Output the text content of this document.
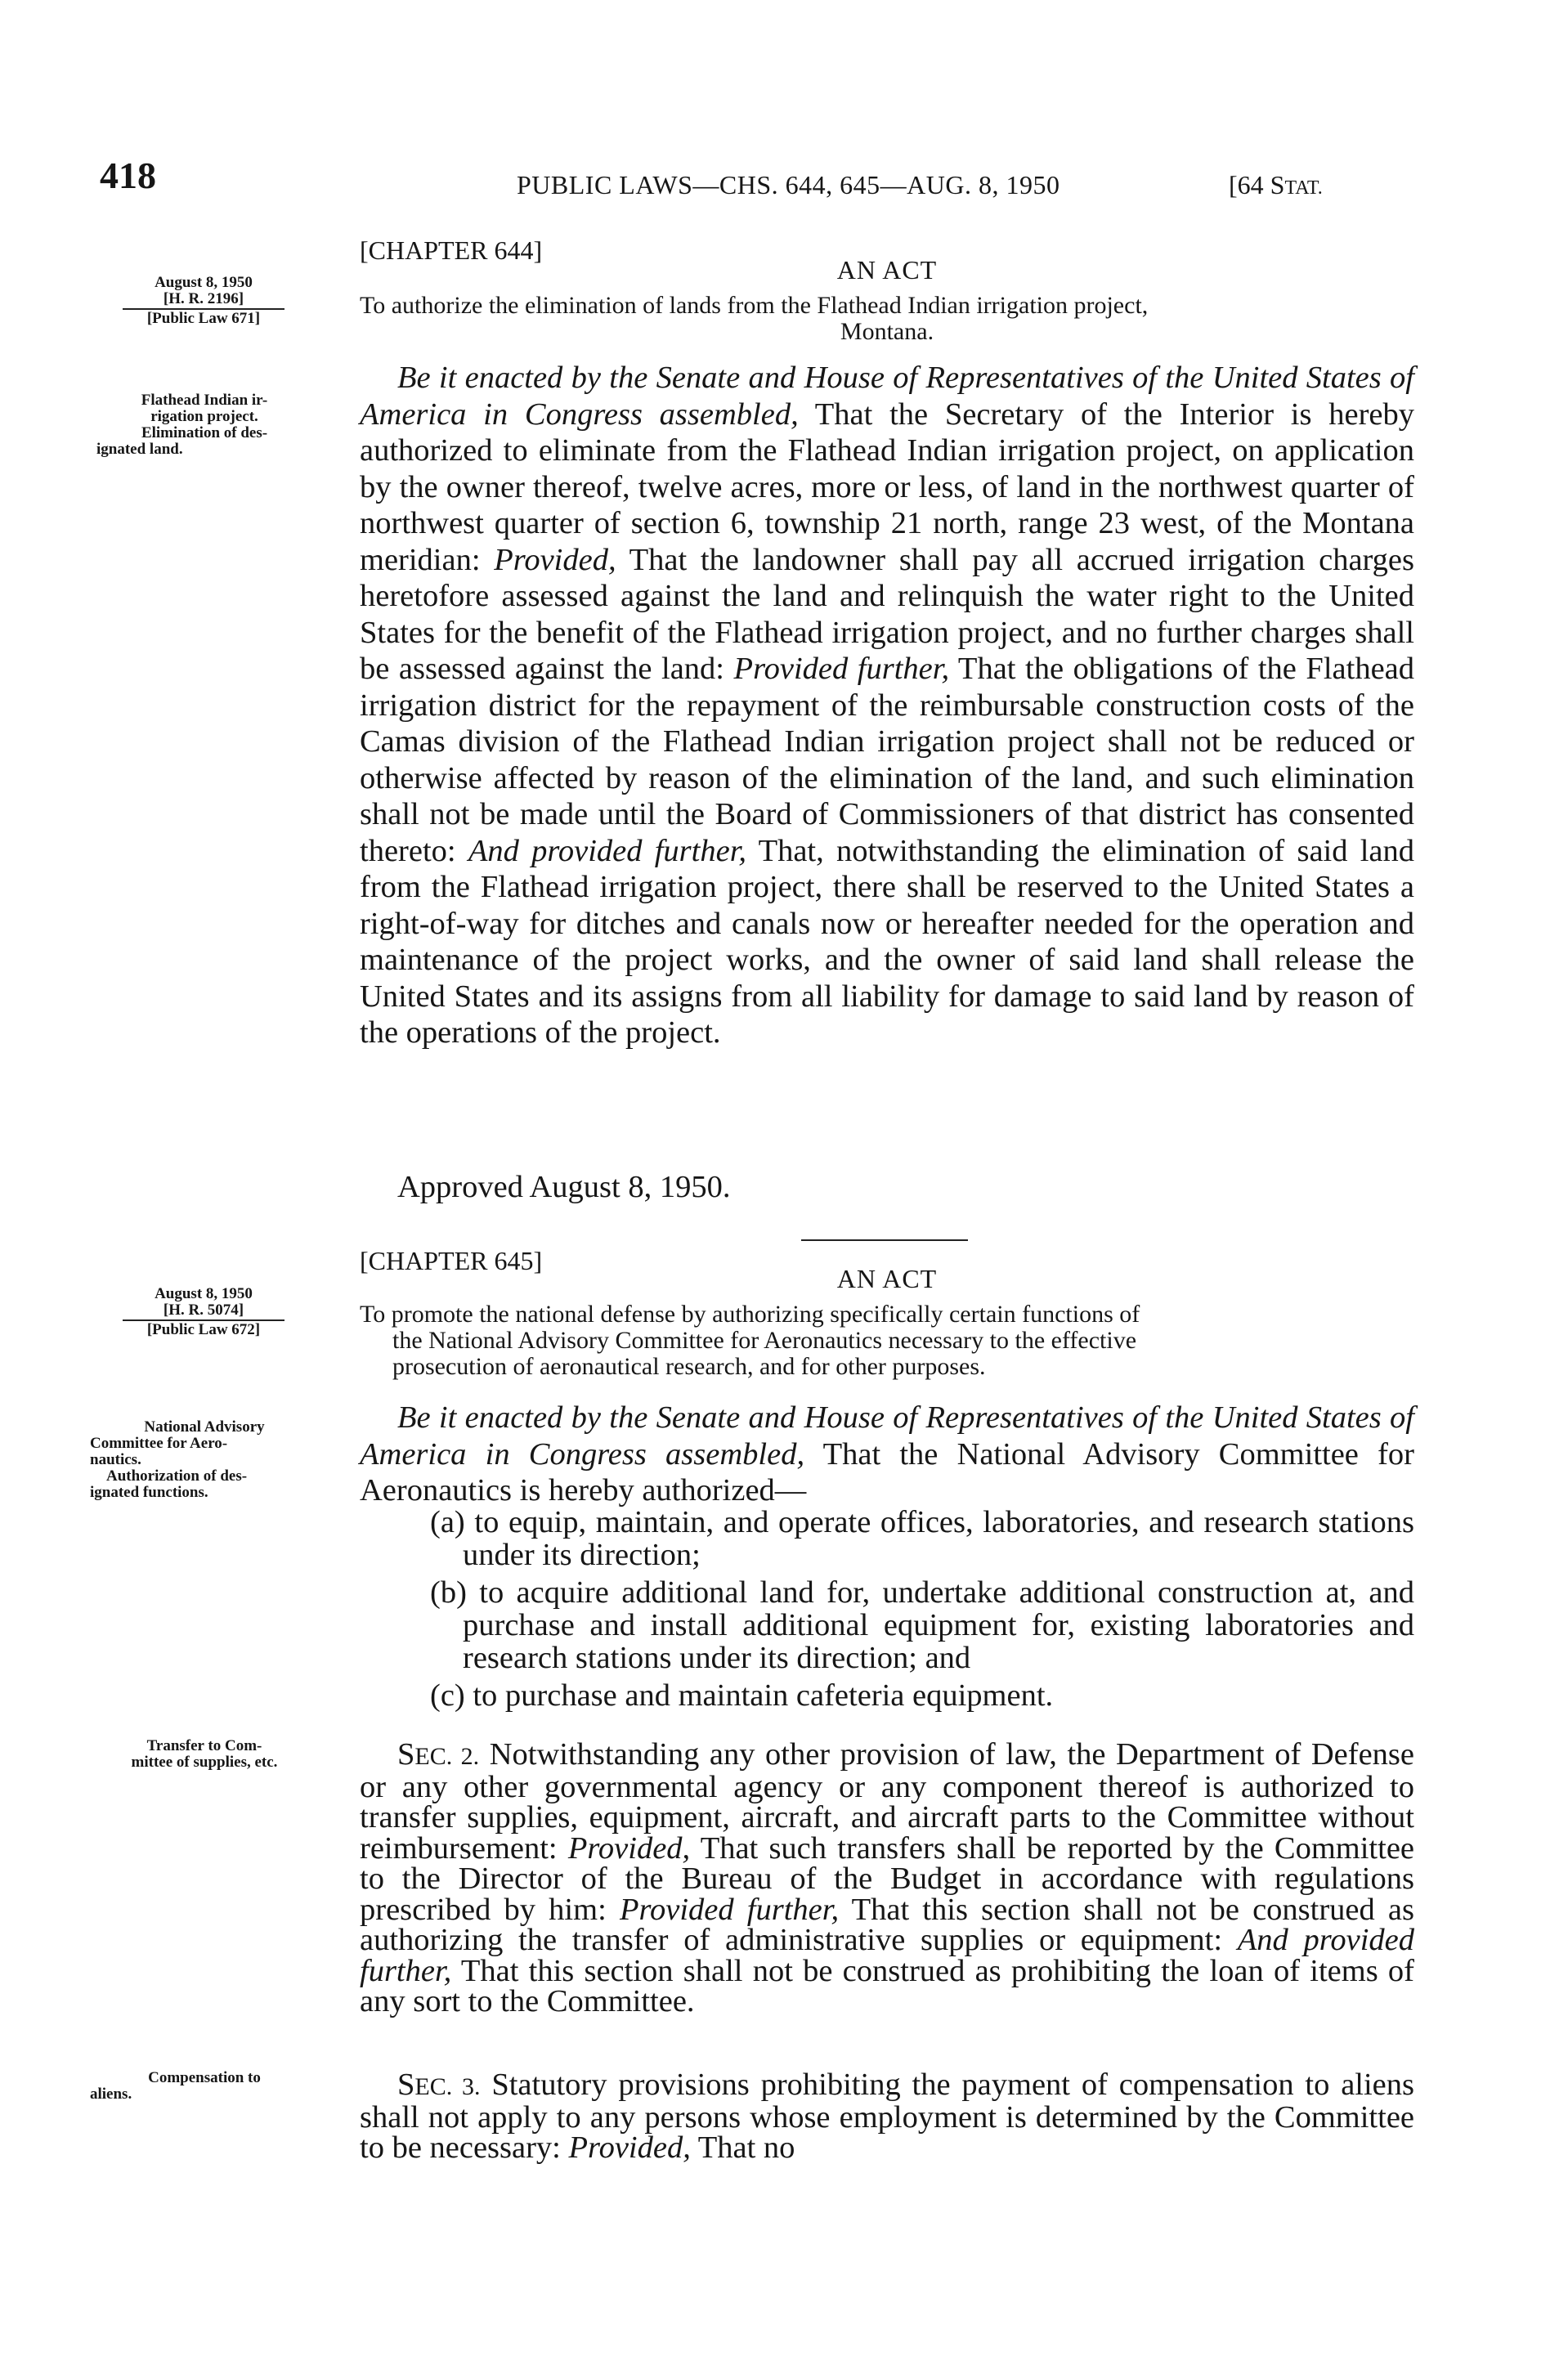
418	PUBLIC LAWS—CHS. 644, 645—AUG. 8, 1950	[64 STAT.
[CHAPTER 644]
AN ACT
August 8, 1950
[H. R. 2196]
[Public Law 671]	To authorize the elimination of lands from the Flathead Indian irrigation project,
Montana.
Flathead Indian ir-
rigation project.
Elimination of des-
ignated land.

Be it enacted by the Senate and House of Representatives of the United States of America in Congress assembled, That the Secretary of the Interior is hereby authorized to eliminate from the Flathead Indian irrigation project, on application by the owner thereof, twelve acres, more or less, of land in the northwest quarter of northwest quarter of section 6, township 21 north, range 23 west, of the Montana meridian: Provided, That the landowner shall pay all accrued irrigation charges heretofore assessed against the land and relinquish the water right to the United States for the benefit of the Flathead irrigation project, and no further charges shall be assessed against the land: Provided further, That the obligations of the Flathead irrigation district for the repayment of the reimbursable construction costs of the Camas division of the Flathead Indian irrigation project shall not be reduced or otherwise affected by reason of the elimination of the land, and such elimination shall not be made until the Board of Commissioners of that district has consented thereto: And provided further, That, notwithstanding the elimination of said land from the Flathead irrigation project, there shall be reserved to the United States a right-of-way for ditches and canals now or hereafter needed for the operation and maintenance of the project works, and the owner of said land shall release the United States and its assigns from all liability for damage to said land by reason of the operations of the project.

Approved August 8, 1950.
[CHAPTER 645]
AN ACT
August 8, 1950
[H. R. 5074]
[Public Law 672]
To promote the national defense by authorizing specifically certain functions of
the National Advisory Committee for Aeronautics necessary to the effective
prosecution of aeronautical research, and for other purposes.
National Advisory
Committee for Aero-
nautics.
Authorization of des-
ignated functions.

Be it enacted by the Senate and House of Representatives of the United States of America in Congress assembled, That the National Advisory Committee for Aeronautics is hereby authorized—

(a) to equip, maintain, and operate offices, laboratories, and research stations under its direction;
(b) to acquire additional land for, undertake additional construction at, and purchase and install additional equipment for, existing laboratories and research stations under its direction; and
(c) to purchase and maintain cafeteria equipment.
Transfer to Com-
mittee of supplies, etc.	SEC. 2. Notwithstanding any other provision of law, the Department of Defense or any other governmental agency or any component thereof is authorized to transfer supplies, equipment, aircraft, and aircraft parts to the Committee without reimbursement: Provided, That such transfers shall be reported by the Committee to the Director of the Bureau of the Budget in accordance with regulations prescribed by him: Provided further, That this section shall not be construed as authorizing the transfer of administrative supplies or equipment: And provided further, That this section shall not be construed as prohibiting the loan of items of any sort to the Committee.

Compensation to
aliens.	SEC. 3. Statutory provisions prohibiting the payment of compensation to aliens shall not apply to any persons whose employment is determined by the Committee to be necessary: Provided, That no
